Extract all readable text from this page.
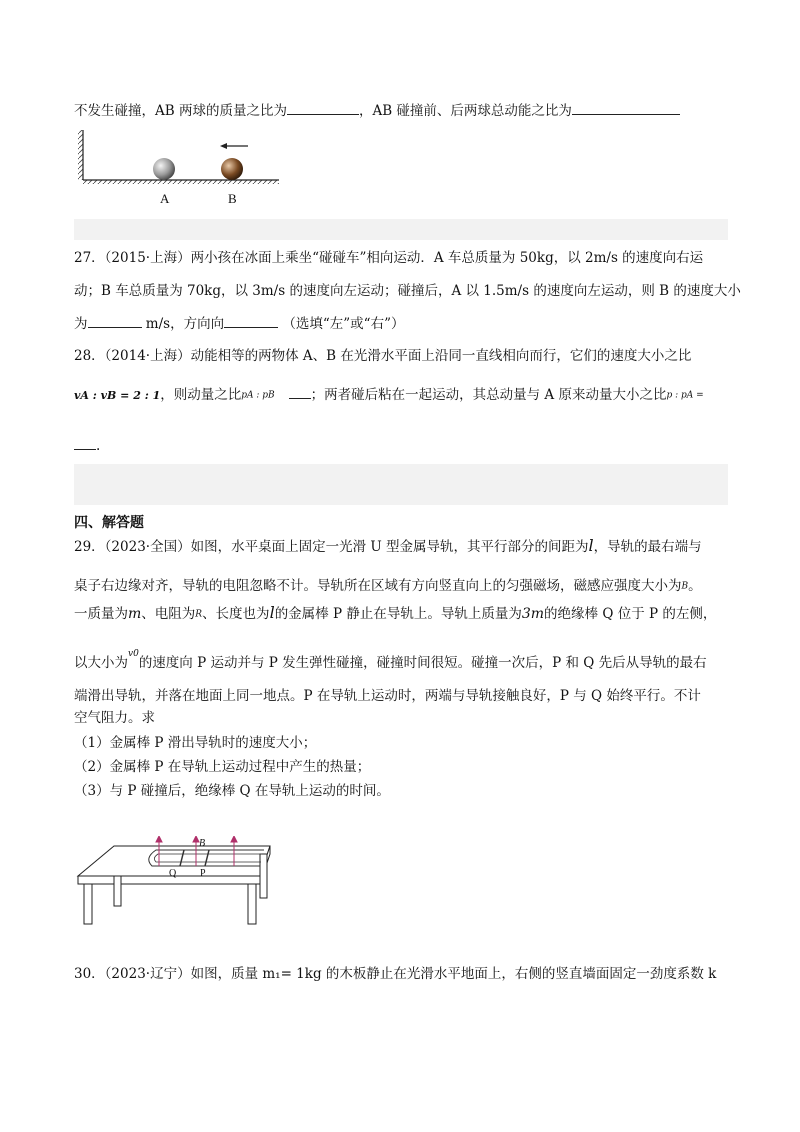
不发生碰撞，AB 两球的质量之比为	，AB 碰撞前、后两球总动能之比为
A	B
27．（2015·上海）两小孩在冰面上乘坐“碰碰车”相向运动．A 车总质量为 50kg，以 2m/s 的速度向右运
动；B 车总质量为 70kg，以 3m/s 的速度向左运动；碰撞后，A 以 1.5m/s 的速度向左运动，则 B 的速度大小
为	m/s，方向向	（选填“左”或“右”）
28．（2014·上海）动能相等的两物体 A、B 在光滑水平面上沿同一直线相向而行，它们的速度大小之比
vA : vB = 2 : 1，则动量之比pA : pB	；两者碰后粘在一起运动，其总动量与 A 原来动量大小之比p : pA =
.
四、解答题
29．（2023·全国）如图，水平桌面上固定一光滑 U 型金属导轨，其平行部分的间距为l，导轨的最右端与
桌子右边缘对齐，导轨的电阻忽略不计。导轨所在区域有方向竖直向上的匀强磁场，磁感应强度大小为B。
一质量为m、电阻为R、长度也为l的金属棒 P 静止在导轨上。导轨上质量为3m的绝缘棒 Q 位于 P 的左侧，
以大小为$^{v0}$的速度向 P 运动并与 P 发生弹性碰撞，碰撞时间很短。碰撞一次后，P 和 Q 先后从导轨的最右
端滑出导轨，并落在地面上同一地点。P 在导轨上运动时，两端与导轨接触良好，P 与 Q 始终平行。不计
空气阻力。求
（1）金属棒 P 滑出导轨时的速度大小；
（2）金属棒 P 在导轨上运动过程中产生的热量；
（3）与 P 碰撞后，绝缘棒 Q 在导轨上运动的时间。
B
Q P
30．（2023·辽宁）如图，质量 m₁= 1kg 的木板静止在光滑水平地面上，右侧的竖直墙面固定一劲度系数 k
